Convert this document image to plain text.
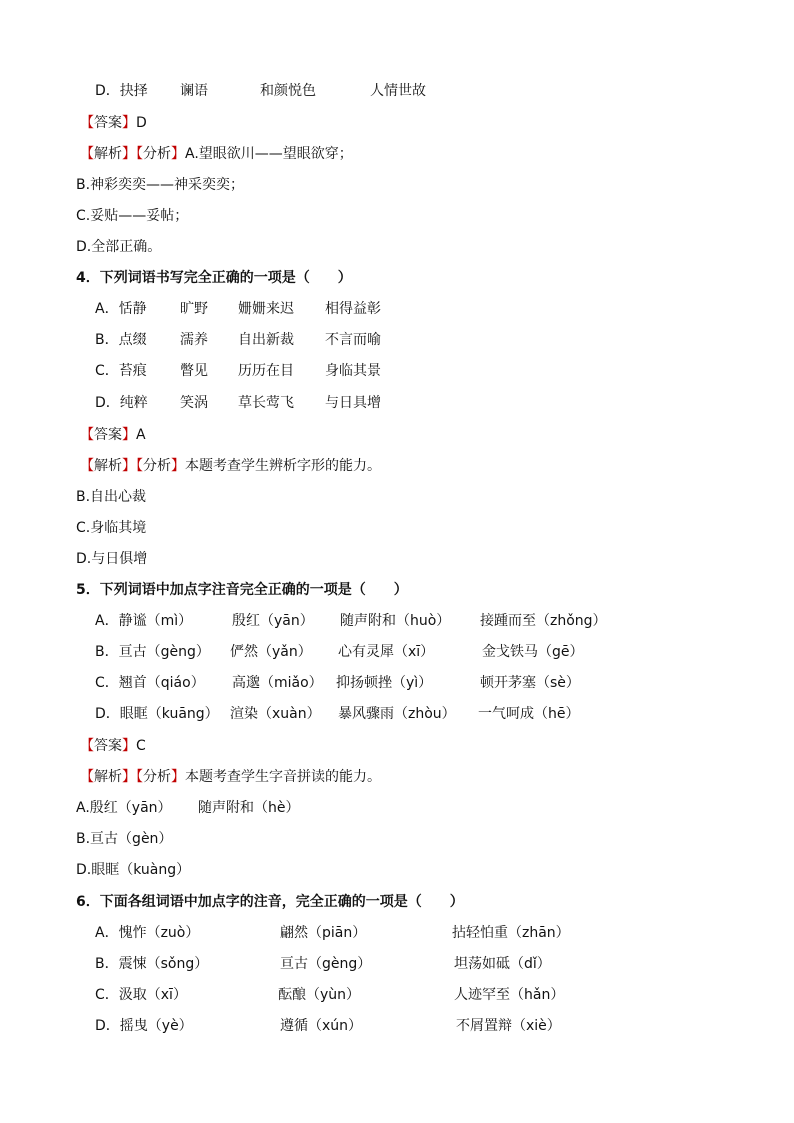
D．抉择 谰语	和颜悦色	人情世故
【答案】D
【解析】【分析】A.望眼欲川——望眼欲穿；
B.神彩奕奕——神采奕奕；
C.妥贴——妥帖；
D.全部正确。
4．下列词语书写完全正确的一项是（　　）
A．恬静 旷野 姗姗来迟 相得益彰
B．点缀 濡养 自出新裁 不言而喻
C．苔痕 瞥见 历历在目 身临其景
D．纯粹 笑涡 草长莺飞 与日具增
【答案】A
【解析】【分析】本题考查学生辨析字形的能力。
B.自出心裁
C.身临其境
D.与日俱增
5．下列词语中加点字注音完全正确的一项是（　　）
A．静谧（mì）	殷红（yān） 随声附和（huò） 接踵而至（zhǒng）
B．亘古（gèng） 俨然（yǎn） 心有灵犀（xī）	金戈铁马（gē）
C．翘首（qiáo） 高邈（miǎo） 抑扬顿挫（yì）	顿开茅塞（sè）
D．眼眶（kuāng） 渲染（xuàn） 暴风骤雨（zhòu） 一气呵成（hē）
【答案】C
【解析】【分析】本题考查学生字音拼读的能力。
A.殷红（yān） 随声附和（hè）
B.亘古（gèn）
D.眼眶（kuàng）
6．下面各组词语中加点字的注音，完全正确的一项是（　　）
A．愧怍（zuò）	翩然（piān）	拈轻怕重（zhān）
B．震悚（sǒng）	亘古（gèng）	坦荡如砥（dǐ）
C．汲取（xī）	酝酿（yùn）	人迹罕至（hǎn）
D．摇曳（yè）	遵循（xún）	不屑置辩（xiè）
